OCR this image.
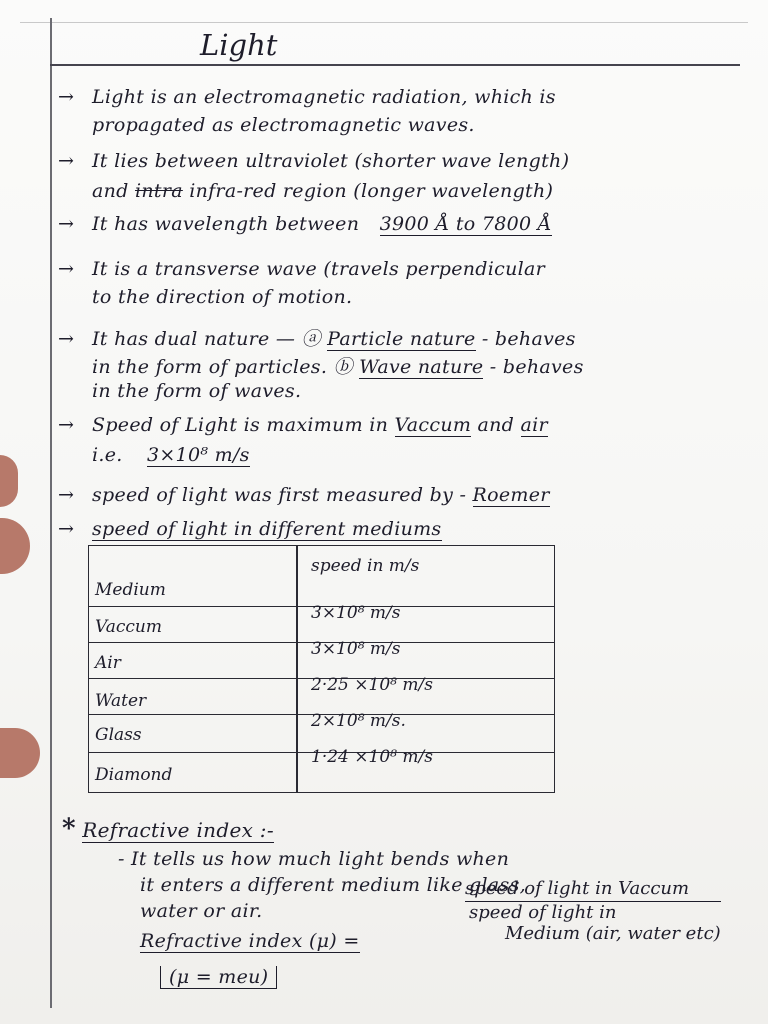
Light
→ Light is an electromagnetic radiation, which is
propagated as electromagnetic waves.
→ It lies between ultraviolet (shorter wave length)
and intra infra-red region (longer wavelength)
→ It has wavelength between 3900 Å to 7800 Å
→ It is a transverse wave (travels perpendicular
to the direction of motion.
→ It has dual nature — ⓐ Particle nature - behaves
in the form of particles. ⓑ Wave nature - behaves
in the form of waves.
→ Speed of Light is maximum in Vaccum and air
i.e. 3×10⁸ m/s
→ speed of light was first measured by - Roemer
→ speed of light in different mediums
Medium
speed in m/s
Vaccum
3×10⁸ m/s
Air
3×10⁸ m/s
Water
2·25 ×10⁸ m/s
Glass
2×10⁸ m/s.
Diamond
1·24 ×10⁸ m/s
* Refractive index :-
- It tells us how much light bends when
it enters a different medium like glass,
water or air.
Refractive index (μ) =
(μ = meu)
speed of light in Vaccum
speed of light in
Medium (air, water etc)
